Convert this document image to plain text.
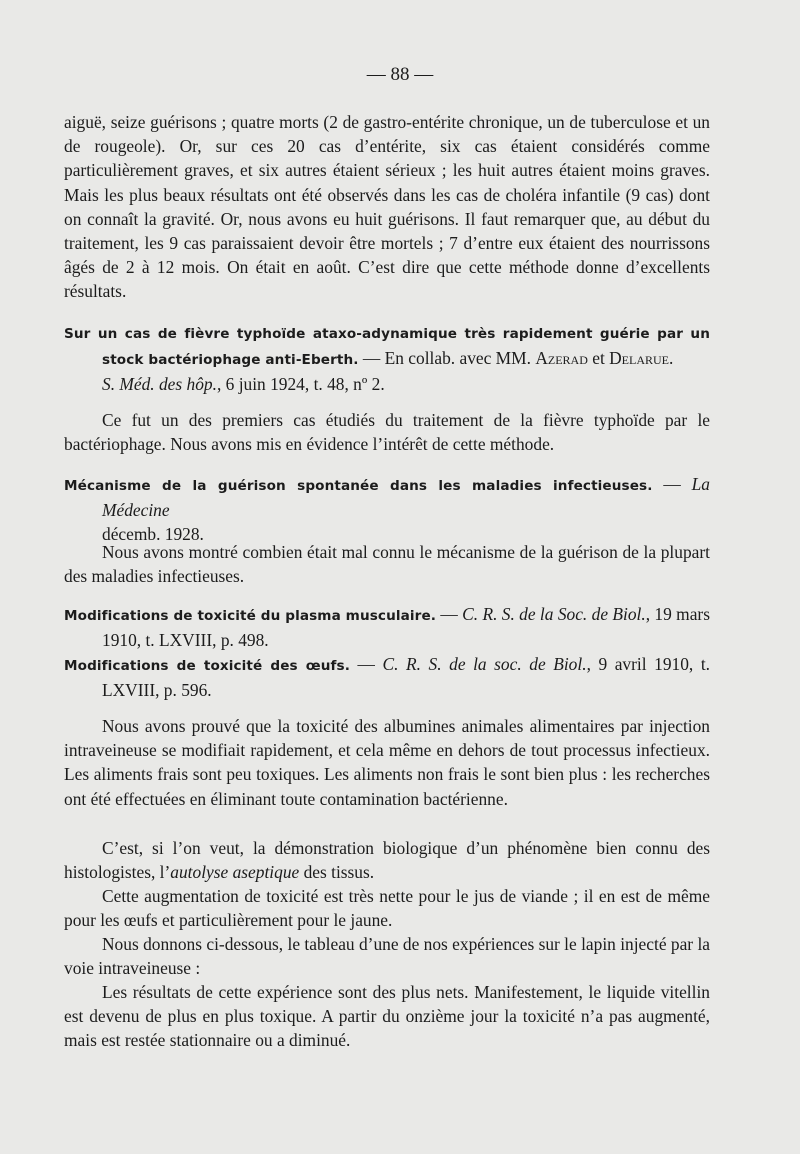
— 88 —

aiguë, seize guérisons ; quatre morts (2 de gastro-entérite chronique, un de tuberculose et un de rougeole). Or, sur ces 20 cas d’entérite, six cas étaient considérés comme particulièrement graves, et six autres étaient sérieux ; les huit autres étaient moins graves. Mais les plus beaux résultats ont été observés dans les cas de choléra infantile (9 cas) dont on connaît la gravité. Or, nous avons eu huit guérisons. Il faut remarquer que, au début du traitement, les 9 cas paraissaient devoir être mortels ; 7 d’entre eux étaient des nourrissons âgés de 2 à 12 mois. On était en août. C’est dire que cette méthode donne d’excellents résultats.

Sur un cas de fièvre typhoïde ataxo-adynamique très rapidement guérie par un stock bactériophage anti-Eberth. — En collab. avec MM. Azerad et Delarue.
S. Méd. des hôp., 6 juin 1924, t. 48, nº 2.

Ce fut un des premiers cas étudiés du traitement de la fièvre typhoïde par le bactériophage. Nous avons mis en évidence l’intérêt de cette méthode.

Mécanisme de la guérison spontanée dans les maladies infectieuses. — La Médecine
décemb. 1928.

Nous avons montré combien était mal connu le mécanisme de la guérison de la plupart des maladies infectieuses.

Modifications de toxicité du plasma musculaire. — C. R. S. de la Soc. de Biol., 19 mars 1910, t. LXVIII, p. 498.
Modifications de toxicité des œufs. — C. R. S. de la soc. de Biol., 9 avril 1910, t. LXVIII, p. 596.

Nous avons prouvé que la toxicité des albumines animales alimentaires par injection intraveineuse se modifiait rapidement, et cela même en dehors de tout processus infectieux. Les aliments frais sont peu toxiques. Les aliments non frais le sont bien plus : les recherches ont été effectuées en éliminant toute contamination bactérienne.

C’est, si l’on veut, la démonstration biologique d’un phénomène bien connu des histologistes, l’autolyse aseptique des tissus.

Cette augmentation de toxicité est très nette pour le jus de viande ; il en est de même pour les œufs et particulièrement pour le jaune.

Nous donnons ci-dessous, le tableau d’une de nos expériences sur le lapin injecté par la voie intraveineuse :

Les résultats de cette expérience sont des plus nets. Manifestement, le liquide vitellin est devenu de plus en plus toxique. A partir du onzième jour la toxicité n’a pas augmenté, mais est restée stationnaire ou a diminué.
